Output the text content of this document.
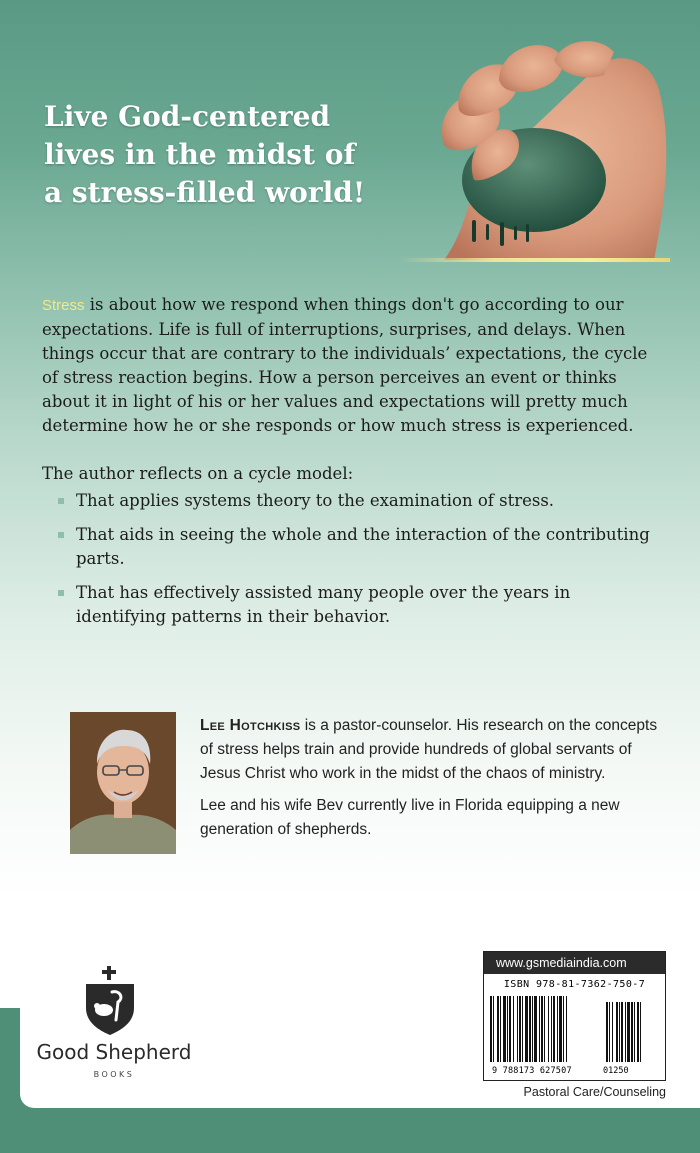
Live God-centered
lives in the midst of
a stress-filled world!

Stress is about how we respond when things don't go according to our expectations. Life is full of interruptions, surprises, and delays. When things occur that are contrary to the individuals’ expectations, the cycle of stress reaction begins. How a person perceives an event or thinks about it in light of his or her values and expectations will pretty much determine how he or she responds or how much stress is experienced.

The author reflects on a cycle model:

That applies systems theory to the examination of stress.
That aids in seeing the whole and the interaction of the contributing parts.
That has effectively assisted many people over the years in identifying patterns in their behavior.

Lee Hotchkiss is a pastor-counselor. His research on the concepts of stress helps train and provide hundreds of global servants of Jesus Christ who work in the midst of the chaos of ministry.

Lee and his wife Bev currently live in Florida equipping a new generation of shepherds.

Good Shepherd
BOOKS
www.gsmediaindia.com
ISBN 978-81-7362-750-7
9 788173 627507	01250
Pastoral Care/Counseling
